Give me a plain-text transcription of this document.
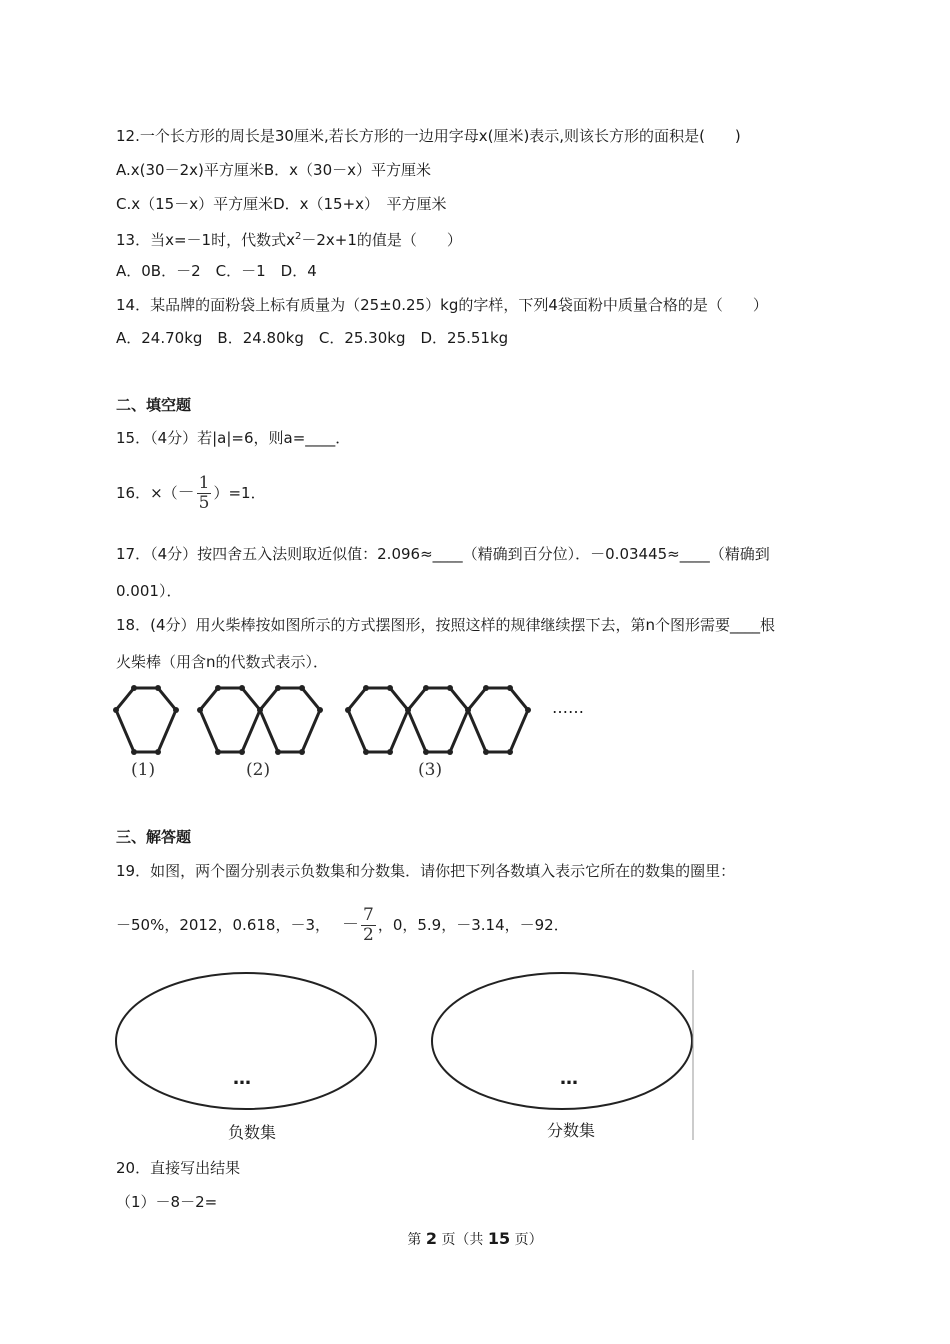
12.一个长方形的周长是30厘米,若长方形的一边用字母x(厘米)表示,则该长方形的面积是(　　)
A.x(30－2x)平方厘米B．x（30－x）平方厘米
C.x（15－x）平方厘米D．x（15+x）　平方厘米
13．当x=－1时，代数式$x^2-2x+1$的值是（　　）
A．0B．－2　C．－1　D．4
14．某品牌的面粉袋上标有质量为（25±0.25）kg的字样，下列4袋面粉中质量合格的是（　　）
A．24.70kg　B．24.80kg　C．25.30kg　D．25.51kg
二、填空题
15．（4分）若|a|=6，则a=____．
16．×（ － $\frac{1}{5} )=1$．
17．（4分）按四舍五入法则取近似值：2.096≈____（精确到百分位）．－0.03445≈____（精确到
0.001）．
18．(4分）用火柴棒按如图所示的方式摆图形，按照这样的规律继续摆下去，第n个图形需要____根
火柴棒（用含n的代数式表示）．
……
(1)	(2)	(3)
三、解答题
19．如图，两个圈分别表示负数集和分数集．请你把下列各数填入表示它所在的数集的圈里：
－50%，2012，0.618，－3， － $\frac{7}{2}$ ，0，5.9，－3.14，－92．
…	…
负数集	分数集
20．直接写出结果
（1）－8－2=
第 2 页（共 15 页）
